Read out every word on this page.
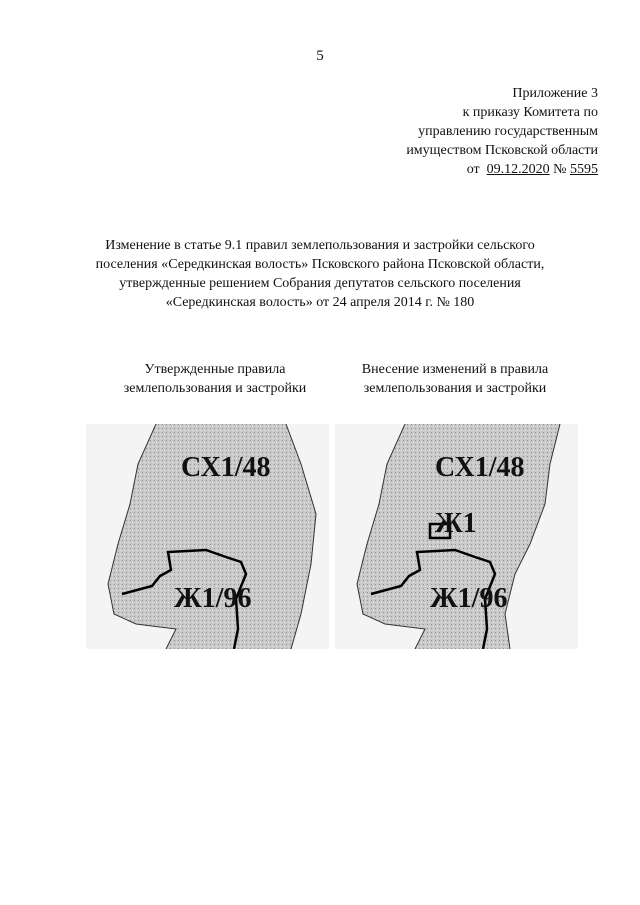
5
Приложение 3
к приказу Комитета по
управлению государственным
имуществом Псковской области
от 09.12.2020 № 5595
Изменение в статье 9.1 правил землепользования и застройки сельского
поселения «Середкинская волость» Псковского района Псковской области,
утвержденные решением Собрания депутатов сельского поселения
«Середкинская волость» от 24 апреля 2014 г. № 180
Утвержденные правила
землепользования и застройки
Внесение изменений в правила
землепользования и застройки
СХ1/48
Ж1/96
СХ1/48
Ж1
Ж1/96
